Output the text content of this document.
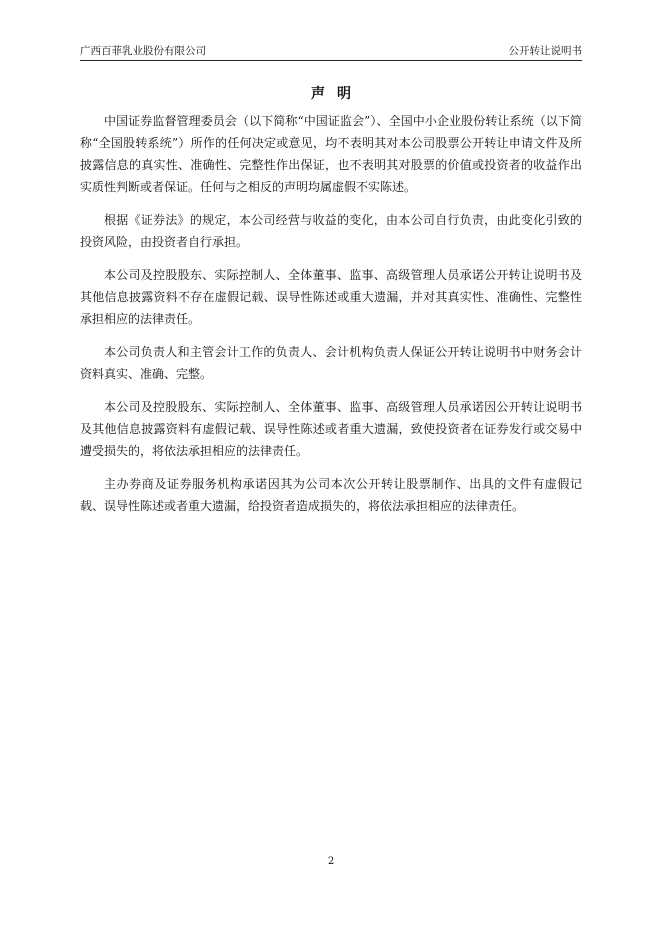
广西百菲乳业股份有限公司	公开转让说明书
声明

中国证券监督管理委员会（以下简称“中国证监会”）、全国中小企业股份转让系统（以下简称“全国股转系统”）所作的任何决定或意见，均不表明其对本公司股票公开转让申请文件及所披露信息的真实性、准确性、完整性作出保证，也不表明其对股票的价值或投资者的收益作出实质性判断或者保证。任何与之相反的声明均属虚假不实陈述。

根据《证券法》的规定，本公司经营与收益的变化，由本公司自行负责，由此变化引致的投资风险，由投资者自行承担。

本公司及控股股东、实际控制人、全体董事、监事、高级管理人员承诺公开转让说明书及其他信息披露资料不存在虚假记载、误导性陈述或重大遗漏，并对其真实性、准确性、完整性承担相应的法律责任。

本公司负责人和主管会计工作的负责人、会计机构负责人保证公开转让说明书中财务会计资料真实、准确、完整。

本公司及控股股东、实际控制人、全体董事、监事、高级管理人员承诺因公开转让说明书及其他信息披露资料有虚假记载、误导性陈述或者重大遗漏，致使投资者在证券发行或交易中遭受损失的，将依法承担相应的法律责任。

主办券商及证券服务机构承诺因其为公司本次公开转让股票制作、出具的文件有虚假记载、误导性陈述或者重大遗漏，给投资者造成损失的，将依法承担相应的法律责任。

2
